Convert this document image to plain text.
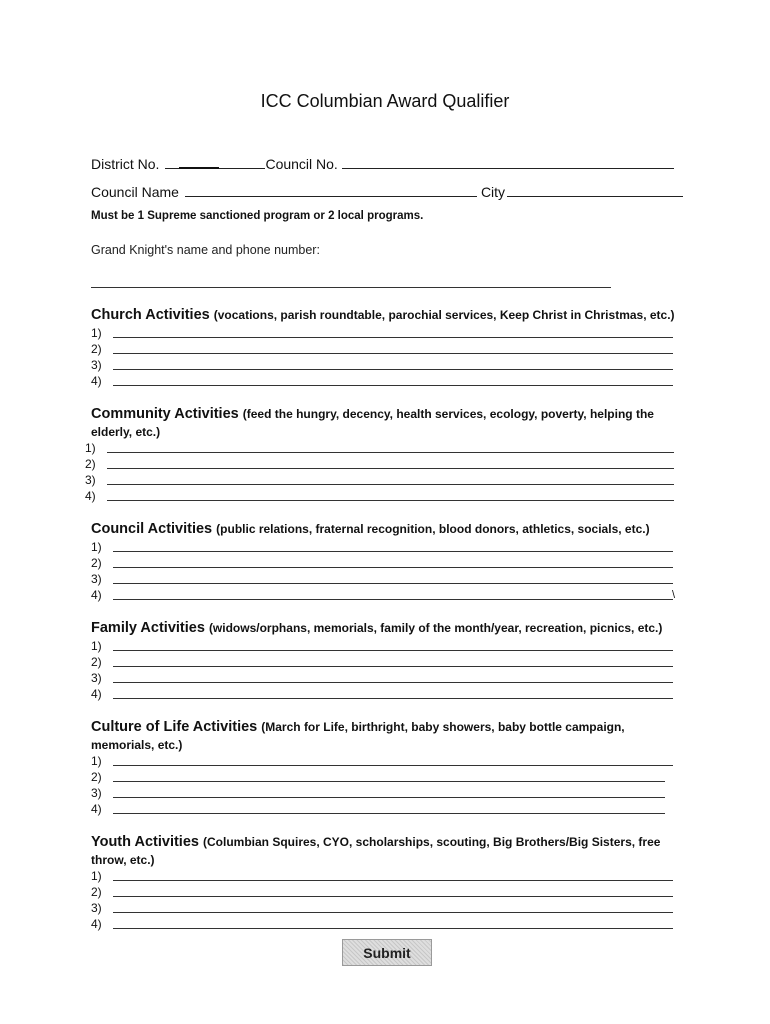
ICC Columbian Award Qualifier
District No.	Council No.
Council Name	City
Must be 1 Supreme sanctioned program or 2 local programs.
Grand Knight's name and phone number:
Church Activities (vocations, parish roundtable, parochial services, Keep Christ in Christmas, etc.)
1)
2)
3)
4)
Community Activities (feed the hungry, decency, health services, ecology, poverty, helping the elderly, etc.)
1)
2)
3)
4)
Council Activities (public relations, fraternal recognition, blood donors, athletics, socials, etc.)
1)
2)
3)
4)	\
Family Activities (widows/orphans, memorials, family of the month/year, recreation, picnics, etc.)
1)
2)
3)
4)
Culture of Life Activities (March for Life, birthright, baby showers, baby bottle campaign, memorials, etc.)
1)
2)
3)
4)
Youth Activities (Columbian Squires, CYO, scholarships, scouting, Big Brothers/Big Sisters, free throw, etc.)
1)
2)
3)
4)
Submit
